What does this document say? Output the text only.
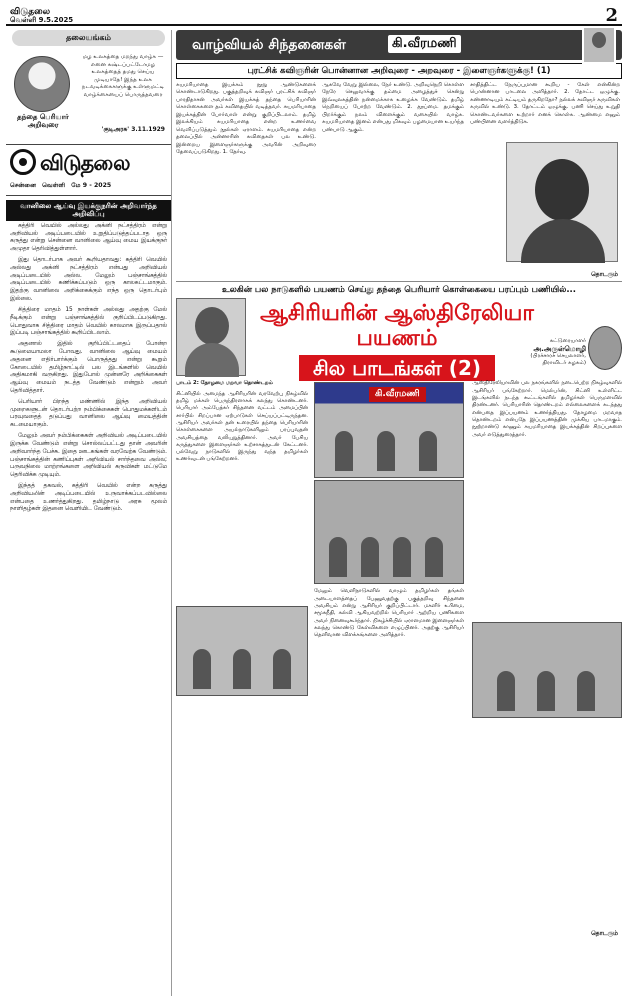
விடுதலை
வெள்ளி 9.5.2025	2
தலையங்கம்
தந்தை பெரியார் அறிவுரை
மழ உலகத்தை மறந்து வாழ்க — எனை கஷ்டப்பட்டோமழ உலகத்தைத் தமது செய்ய முடியாதே! இந்த உலக நடவடிக்கைகளுக்கு உள்ளுமட்டி வாழ்க்கையைப் பொருத்தவரை
'குடிஅரசு' 3.11.1929
விடுதலை
சென்னை வெள்ளி மே 9 - 2025
வானிலை ஆய்வு இயக்குநரின் அறிவார்ந்த அறிவிப்பு

கத்திரி வெயில் அல்லது அக்னி நட்சத்திரம் என்று அறிவியல் அடிப்படையில் உறுதிப்படுத்தப்படாத ஒரு கருத்து என்று சென்னை வானிலை ஆய்வு மைய இயக்குநர் அமுதா தெரிவித்துள்ளார்.

இது தொடர்பாக அவர் கூறியதாவது: கத்திரி வெயில் அல்லது அக்னி நட்சத்திரம் என்பது அறிவியல் அடிப்படையில் அல்ல. மேலும் பஞ்சாங்கத்தில் அடிப்படையில் கணிக்கப்படும் ஒரு காலகட்டமாகும். இதற்கு வானிலை அறிக்கைக்கும் எந்த ஒரு தொடர்பும் இல்லை.

சித்திரை மாதம் 15 நாள்கள் அல்லது அதற்கு மேல் நீடிக்கும் என்று பஞ்சாங்கத்தில் குறிப்பிடப்படுகிறது. பொதுவாக சித்திரை மாதம் வெயில் காலமாக இருப்பதால் இப்படி பஞ்சாங்கத்தில் கூறிப்பிடலாம்.

அதனால் இதில் குறிப்பிட்டதைப் போன்ற கூடுமையாமலா போவது. வானிலை ஆய்வு மையம் அதனை எதிர்பார்க்கும் பொருத்தது என்று கூறும் கோடையில் தமிழ்நாட்டில் பல இடங்களில் வெயில் அதிகமாகி வருகிறது. இதுபோல் முன்னரே அறிக்கைகள் ஆய்வு மையம் நடத்த வேண்டும் என்றும் அவர் தெரிவித்தார்.

பெரியார் பிறந்த மண்ணில் இந்த அறிவியல் முறைகளுடன் தொடர்பற்ற நம்பிக்கைகள் பொதுமக்களிடம் பரவுவதைத் தடுப்பது வானிலை ஆய்வு மையத்தின் கடமையாகும்.

மேலும் அவர் நம்பிக்கைகள் அறிவியல் அடிப்படையில் இருக்க வேண்டும் என்று சொல்லப்பட்டது தான் அவரின் அறிவார்ந்த பேச்சு. இதை ஊடகங்கள் வரவேற்க வேண்டும். பஞ்சாங்கத்தின் கணிப்புகள் அறிவியல் சார்ந்தவை அல்ல; பருவநிலை மாற்றங்களை அறிவியல் கருவிகள் மட்டுமே தெரிவிக்க முடியும்.

இந்தத் தகவல், கத்திரி வெயில் என்ற கருத்து அறிவியலின் அடிப்படையில் உருவாக்கப்படவில்லை என்பதை உணர்த்துகிறது. தமிழ்நாடு அரசு மூலம் நாளிதழ்கள் இதனை வெளியிட வேண்டும்.

வாழ்வியல் சிந்தனைகள்	கி.வீரமணி
புரட்சிக் கவிஞரின் பொன்னான அறிவுரை - அறவுரை - இளைஞர்களுக்கு! (1)
சுயமரியாதை இயக்கம் நூறு ஆண்டுகளைக் கொண்டாடுகிறது. பகுத்தறிவுக் கவிஞர் புரட்சிக் கவிஞர் பாரதிதாசன் அவர்கள் இயக்கத் தந்தை பெரியாரின் கொள்கைகளை தம் கவிதையில் வடித்தவர். சுயமரியாதை இயக்கத்தின் போர்வாள் என்று குறிப்பிடலாம். தமிழ் இலக்கியம் சுயமரியாதை என்ற உணர்வை வெளிப்படுத்தும் நூல்கள் ஏராளம். சுயமரியாதை என்ற தலைப்பில் அன்னாரின் கவிதைகள் பல உண்டு. இன்றைய இளைஞர்களுக்கு அவரின் அறிவுரை தேவைப்படுகிறது. 1. தேர்வு.
ஆகவே வேறு இல்லை, நேர் உண்டு. அறிவுநெறி கொள்ள நேரே செலுவாக்கு தம்மை அழைத்துச் சென்று இவ்வுலகத்தின் நன்மைக்காக உழைக்க வேண்டும். தமிழ் நெறியைப் போற்ற வேண்டும். 2. தூய்மை. தமக்கும் பிறர்க்கும் நலம் விளைக்கும் வகையில் வாழ்க. சுயமரியாதை இனம் என்பது மிகவும் பழமையான உயர்ந்த பண்பாடு ஆகும்.
சாதித்திட்ட நேருப்புமான கூறிய - கேள் என்கின்ற பொன்னான பாடலை அளித்தார். 2. தோட்ட ஒழுக்கு. கண்ணாடியும் கட்டியம் தருகிறதோ? நல்லக் கவிஞர் கருவிகள் கருவில் உண்டு. 3. தோட்டம் ஒழுக்கு. பணி செய்து உறுதி கொண்டவர்களை உற்றார் எனக் கொள்க. ஆண்மை எனும் பண்பினை வளர்த்திடுக.
தொடரும்
உலகின் பல நாடுகளில் பயணம் செய்து தந்தை பெரியார் கொள்கையை பரப்பும் பணியில்...
ஆசிரியரின் ஆஸ்திரேலியா பயணம்
சில பாடங்கள் (2)
கட்டுரையாளர்
அ.அருள்மொழி
(பிரச்சாரச் செயலாளர், திராவிடர் கழகம்)
பாடம் 2: தோழமை மறவா தொண்டறம்
சிட்னியில் அமைந்த ஆசிரியரின் வரவேற்பு நிகழ்வில் தமிழ் மக்கள் பெருந்திரளாகக் கலந்து கொண்டனர். பெரியார் அம்பேத்கர் சிந்தனை வட்டம் அமைப்பின் சார்பில் சிறப்பான ஏற்பாடுகள் செய்யப்பட்டிருந்தன. ஆசிரியர் அவர்கள் தன் உரையில் தந்தை பெரியாரின் கொள்கைகளை அயல்நாடுகளிலும் பரப்புவதன் அவசியத்தை வலியுறுத்தினார். அவர் பேசிய கருத்துகளை இளைஞர்கள் உற்சாகத்துடன் கேட்டனர். பல்வேறு நாடுகளில் இருந்து வந்த தமிழர்கள் உணர்வுடன் பங்கேற்றனர்.
கி.வீரமணி
மேலும் வெளிநாடுகளில் வாழும் தமிழர்கள் தங்கள் அடையாளத்தைப் பேணுவதற்கு பகுத்தறிவு சிந்தனை அவசியம் என்று ஆசிரியர் குறிப்பிட்டார். மகளிர் உரிமை, சமூகநீதி, கல்வி ஆகியவற்றில் பெரியார் ஆற்றிய பணிகளை அவர் நினைவுகூர்ந்தார். நிகழ்ச்சியில் ஏராளமான இளைஞர்கள் கலந்து கொண்டு கேள்விகளை எழுப்பினர். அதற்கு ஆசிரியர் தெளிவான விளக்கங்களை அளித்தார்.
ஆஸ்திரேலியாவின் பல நகரங்களில் நடைபெற்ற நிகழ்வுகளில் ஆசிரியர் பங்கேற்றார். மெல்பர்ன், சிட்னி உள்ளிட்ட இடங்களில் நடந்த கூட்டங்களில் தமிழர்கள் பெருமளவில் திரண்டனர். பெரியாரின் தொண்டறம் எல்லைகளைக் கடந்தது என்பதை இப்பயணம் உணர்த்தியது. தோழமை மறவாத தொண்டறம் என்பதே இப்பயணத்தின் முக்கிய பாடமாகும். நூற்றாண்டு காணும் சுயமரியாதை இயக்கத்தின் சிறப்புகளை அவர் எடுத்துரைத்தார்.
தொடரும்
